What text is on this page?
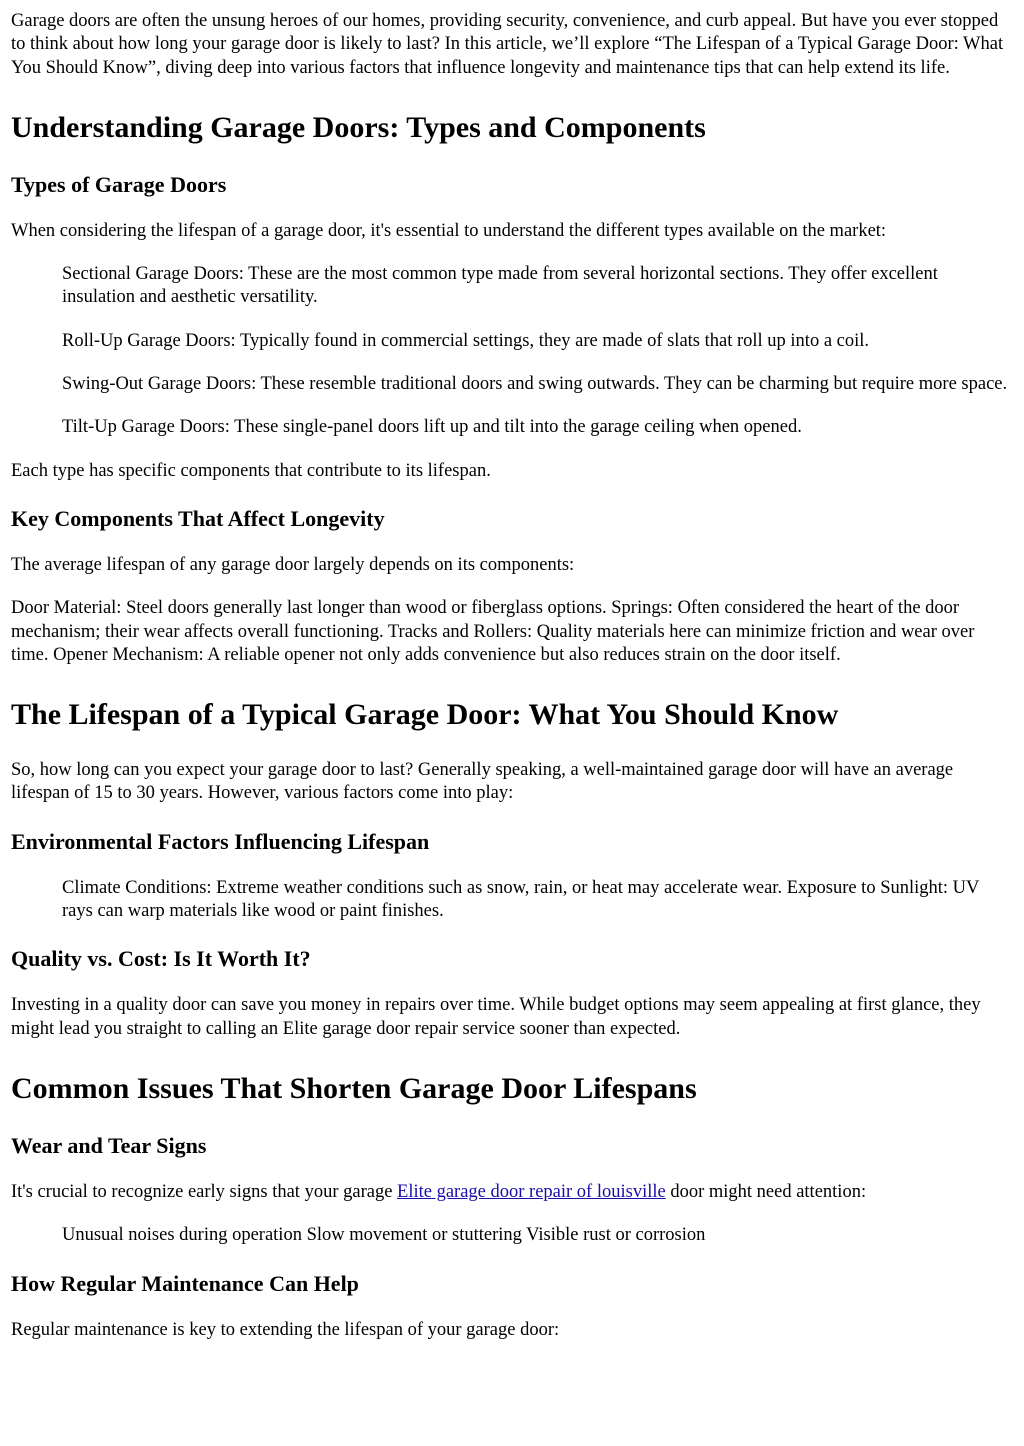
Garage doors are often the unsung heroes of our homes, providing security, convenience, and curb appeal. But have you ever stopped to think about how long your garage door is likely to last? In this article, we’ll explore “The Lifespan of a Typical Garage Door: What You Should Know”, diving deep into various factors that influence longevity and maintenance tips that can help extend its life.

Understanding Garage Doors: Types and Components
Types of Garage Doors

When considering the lifespan of a garage door, it's essential to understand the different types available on the market:

Sectional Garage Doors: These are the most common type made from several horizontal sections. They offer excellent insulation and aesthetic versatility.

Roll-Up Garage Doors: Typically found in commercial settings, they are made of slats that roll up into a coil.

Swing-Out Garage Doors: These resemble traditional doors and swing outwards. They can be charming but require more space.

Tilt-Up Garage Doors: These single-panel doors lift up and tilt into the garage ceiling when opened.

Each type has specific components that contribute to its lifespan.

Key Components That Affect Longevity

The average lifespan of any garage door largely depends on its components:

Door Material: Steel doors generally last longer than wood or fiberglass options. Springs: Often considered the heart of the door mechanism; their wear affects overall functioning. Tracks and Rollers: Quality materials here can minimize friction and wear over time. Opener Mechanism: A reliable opener not only adds convenience but also reduces strain on the door itself.

The Lifespan of a Typical Garage Door: What You Should Know

So, how long can you expect your garage door to last? Generally speaking, a well-maintained garage door will have an average lifespan of 15 to 30 years. However, various factors come into play:

Environmental Factors Influencing Lifespan

Climate Conditions: Extreme weather conditions such as snow, rain, or heat may accelerate wear. Exposure to Sunlight: UV rays can warp materials like wood or paint finishes.

Quality vs. Cost: Is It Worth It?

Investing in a quality door can save you money in repairs over time. While budget options may seem appealing at first glance, they might lead you straight to calling an Elite garage door repair service sooner than expected.

Common Issues That Shorten Garage Door Lifespans
Wear and Tear Signs

It's crucial to recognize early signs that your garage Elite garage door repair of louisville door might need attention:

Unusual noises during operation Slow movement or stuttering Visible rust or corrosion

How Regular Maintenance Can Help

Regular maintenance is key to extending the lifespan of your garage door:
